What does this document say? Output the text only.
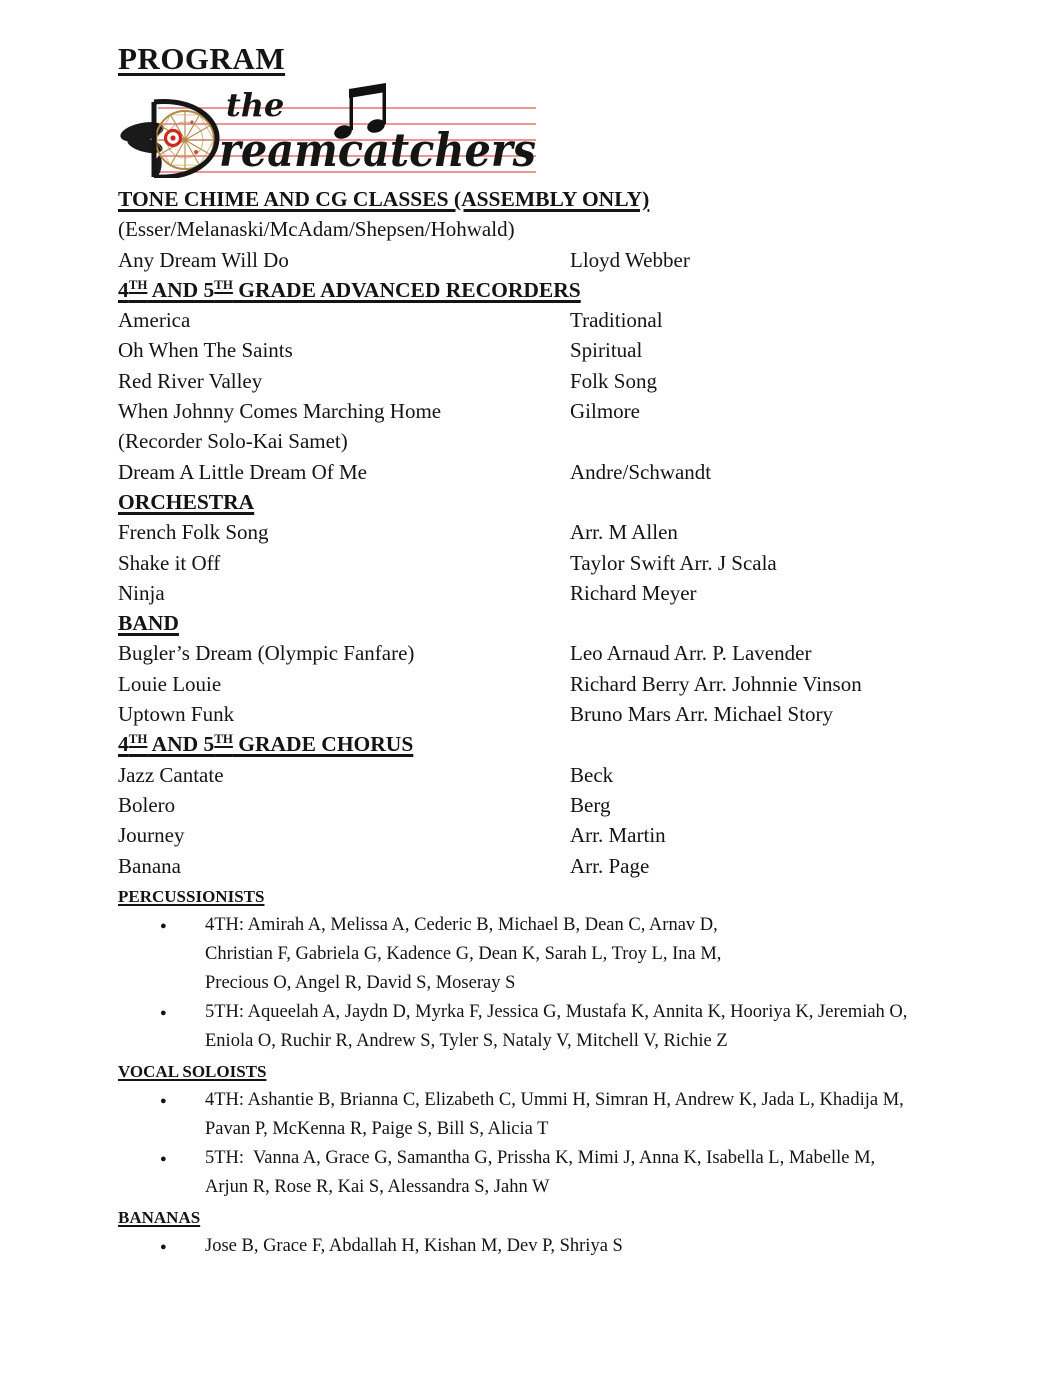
PROGRAM
the
reamcatchers
TONE CHIME AND CG CLASSES (ASSEMBLY ONLY)
(Esser/Melanaski/McAdam/Shepsen/Hohwald)
Any Dream Will Do	Lloyd Webber
4TH AND 5TH GRADE ADVANCED RECORDERS
America	Traditional
Oh When The Saints	Spiritual
Red River Valley	Folk Song
When Johnny Comes Marching Home	Gilmore
(Recorder Solo-Kai Samet)
Dream A Little Dream Of Me	Andre/Schwandt
ORCHESTRA
French Folk Song	Arr. M Allen
Shake it Off	Taylor Swift Arr. J Scala
Ninja	Richard Meyer
BAND
Bugler’s Dream (Olympic Fanfare)	Leo Arnaud Arr. P. Lavender
Louie Louie	Richard Berry Arr. Johnnie Vinson
Uptown Funk	Bruno Mars Arr. Michael Story
4TH AND 5TH GRADE CHORUS
Jazz Cantate	Beck
Bolero	Berg
Journey	Arr. Martin
Banana	Arr. Page
PERCUSSIONISTS
●	4TH: Amirah A, Melissa A, Cederic B, Michael B, Dean C, Arnav D,
Christian F, Gabriela G, Kadence G, Dean K, Sarah L, Troy L, Ina M,
Precious O, Angel R, David S, Moseray S
●	5TH: Aqueelah A, Jaydn D, Myrka F, Jessica G, Mustafa K, Annita K, Hooriya K, Jeremiah O,
Eniola O, Ruchir R, Andrew S, Tyler S, Nataly V, Mitchell V, Richie Z
VOCAL SOLOISTS
●	4TH: Ashantie B, Brianna C, Elizabeth C, Ummi H, Simran H, Andrew K, Jada L, Khadija M,
Pavan P, McKenna R, Paige S, Bill S, Alicia T
●	5TH:  Vanna A, Grace G, Samantha G, Prissha K, Mimi J, Anna K, Isabella L, Mabelle M,
Arjun R, Rose R, Kai S, Alessandra S, Jahn W
BANANAS
●	Jose B, Grace F, Abdallah H, Kishan M, Dev P, Shriya S
